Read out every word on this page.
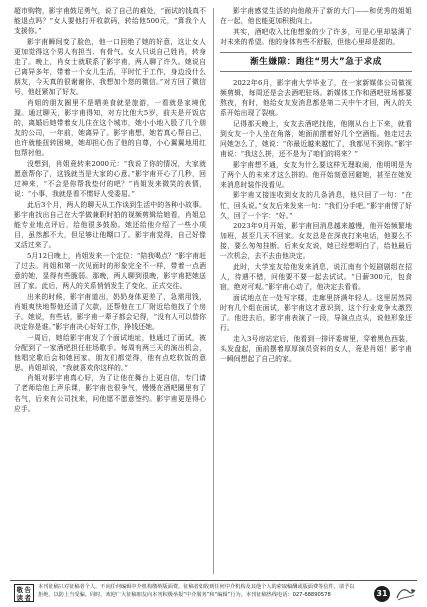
超市购物，影宇甫鼓足勇气，说了自己的难处，“面试的钱真不能退点吗？”女人要他打开收款码，转给他500元，“算我个人支援你。”

影宇甫瞬间变了脸色，他一口回绝了她的好意，这让女人更加觉得这个男人有担当、有骨气。女人只说自己姓肖，转身走了。晚上，肖女士就联系了影宇甫，两人聊了许久。她说自己离异多年，带着一个女儿生活，平时忙于工作，身边没什么朋友，今天真的很谢谢你，我想加个您的微信。”对方回了微信号，他赶紧加了好友。

肖姐的朋友圈里不是晒美食就是旅游，一看就是家境优渥。通过聊天，影宇甫得知，对方比他大5岁，前夫是开饭店的，离婚后她带着女儿住在这个城市，她小小地入股了几个朋友的公司，一年前，她离异了。影宇甫想，她若真心帮自己，也许就能扭转困境，她却担心伤了他的自尊，小心翼翼地用红包帮衬他。

没想到，肖姐竟转来2000元：“我说了你的情况，大家就愿意帮你了，这钱就当是大家的心意。”影宇甫开心了几秒，回过神来，“不会是你帮我垫付的吧？”肖姐发来微笑的表情，说：“小事，我就是看不惯好人受委屈。”

此后3个月，两人的聊天从工作谈到生活中的各种小故事。影宇甫找出自己在大学做兼职时拍的视频剪辑给她看，肖姐总能专业地点评后，给他很多鼓励。她还给他介绍了一些小项目，虽然都不大，但足够让他糊口了。影宇甫觉得，自己好像又活过来了。

5月12日晚上，肖姐发来一个定位：“陪我喝点？”影宇甫赶了过去。肖姐和第一次见面时的形象完全不一样，带着一点酒意的她，显得有些脆弱。那晚，两人聊到很晚，影宇甫把她送回了家。此后，两人的关系悄悄发生了变化，正式交往。

出来的时候，影宇甫道出，奶奶身体更差了，急需用钱，肖姐爽快地帮他还清了欠款，还帮他在工厂附近给他找了个房子。她说，有些话，影宇甫一辈子都会记得，“没有人可以替你决定你是谁。”影宇甫决心好好工作，挣钱还她。

一周后，她给影宇甫发了个面试地址，他通过了面试，被分配到了一家酒吧担任驻场歌手。每周有两三天的演出机会，他唱完歌后会和她回家。朋友们都觉得，他有点吃软饭的意思。肖姐却说，“我就喜欢你这样的。”

肖姐对影宇甫真心好，为了让他在舞台上更自信，专门请了老师给他上声乐课，影宇甫也很争气，慢慢在酒吧圈里有了名气，后来有公司找来，问他愿不愿意签约。影宇甫更是得心应手。

影宇甫感觉生活的向他敞开了新的大门——和优秀的姐姐在一起，他也能更加积极向上。

其实，酒吧收入比他想象的少了许多，可是心里却装满了对未来的希望。他的身体有些不舒服，但他心里却是甜的。

渐生嫌隙：跑往“男大”急于求成

2022年6月，影宇甫大学毕业了，在一家新媒体公司做视频剪辑，每周还是会去酒吧驻场。新媒体工作和酒吧驻场都要熬夜，有时，他给女友发消息都是第二天中午才回，两人的关系开始出现了裂痕。

记得那天晚上，女友去酒吧找他，他刚从台上下来，就看到女友一个人坐在角落，她面前摆着好几个空酒瓶。他走过去问她怎么了，她说：“你最近越来越忙了，我都见不到你。”影宇甫说：“我这么拼，还不是为了咱们的将来？”

影宇甫想不通，女友为什么要这样无理取闹，他明明是为了两个人的未来才这么拼的。他开始刻意回避她，甚至在她发来消息时装作没看见。

影宇甫又接连收到女友的几条消息，他只回了一句：“在忙，回头说。”女友后来发来一句：“我们分手吧。”影宇甫愣了好久，回了一个字：“好。”

2023年9月开始，影宇甫回消息越来越慢，他开始频繁地加班，甚至几天不回家。女友总是在深夜打来电话，他要么不接，要么匆匆挂断。后来女友说，她已经想明白了，给他最后一次机会，去不去由他决定。

此时，大学室友给他发来消息，说江南有个短剧剧组在招人，待遇不错，问他要不要一起去试试。“日薪300元，包食宿，绝对可观。”影宇甫心动了，他决定去看看。

面试地点在一处写字楼，走廊里挤满年轻人。这里居然同时有几个组在面试，影宇甫这才意识到，这个行业竞争太激烈了。他进去后，影宇甫表演了一段，导演点点头，说他形象还行。

走入3号房站定后，他看到一排评委席里，穿着黑色西装，头发盘起，面前摆着厚厚演员资料的女人，竟是肖姐！影宇甫一瞬间想起了自己的家。

敬告读者
本刊征稿只对征稿者个人，不向任何编辑中介机构缴纳版面费。征稿者如收到任何中介机构及其他个人的索取稿酬或版面费等信件，请予以拒绝，以防上当受骗。同时，欢迎广大征稿朋友向本刊积极举报“中介服务”和“编辑”行为。本刊征稿热线电话：027-68890578	31
